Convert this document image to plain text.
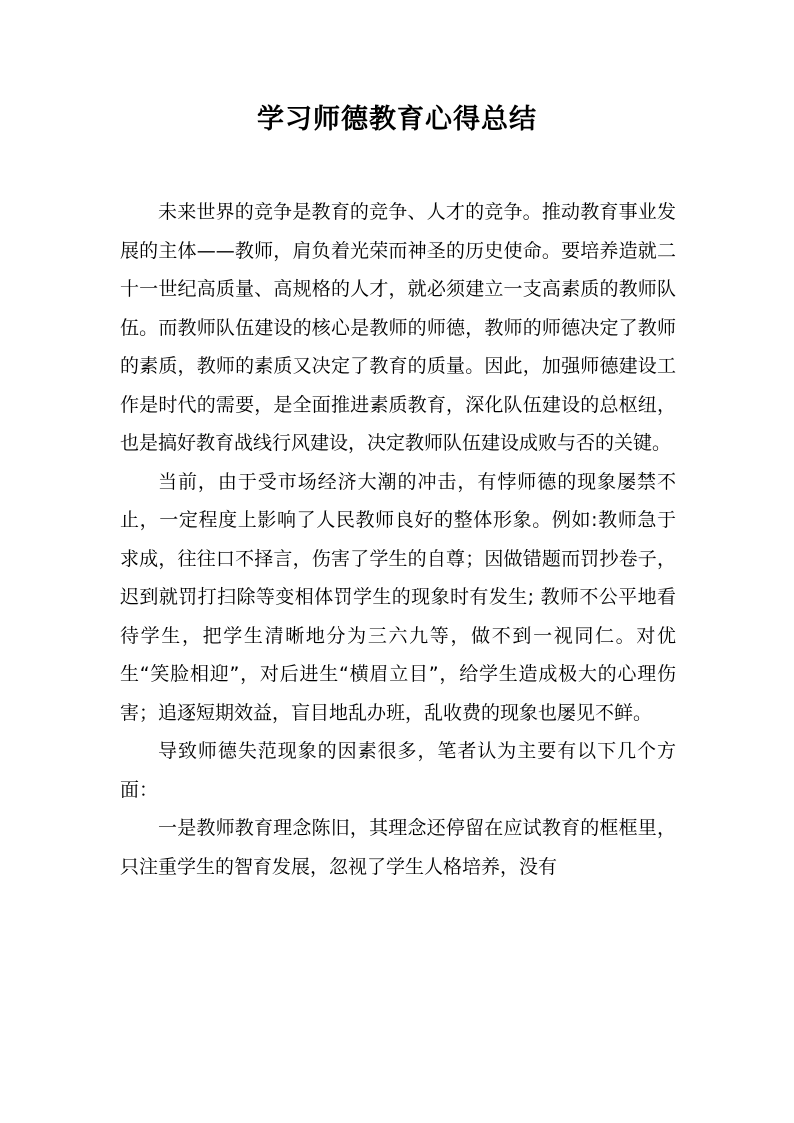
学习师德教育心得总结

未来世界的竞争是教育的竞争、人才的竞争。推动教育事业发展的主体——教师，肩负着光荣而神圣的历史使命。要培养造就二十一世纪高质量、高规格的人才，就必须建立一支高素质的教师队伍。而教师队伍建设的核心是教师的师德，教师的师德决定了教师的素质，教师的素质又决定了教育的质量。因此，加强师德建设工作是时代的需要，是全面推进素质教育，深化队伍建设的总枢纽，也是搞好教育战线行风建设，决定教师队伍建设成败与否的关键。

当前，由于受市场经济大潮的冲击，有悖师德的现象屡禁不止，一定程度上影响了人民教师良好的整体形象。例如:教师急于求成，往往口不择言，伤害了学生的自尊；因做错题而罚抄卷子，迟到就罚打扫除等变相体罚学生的现象时有发生; 教师不公平地看待学生，把学生清晰地分为三六九等，做不到一视同仁。对优生“笑脸相迎”，对后进生“横眉立目”，给学生造成极大的心理伤害；追逐短期效益，盲目地乱办班，乱收费的现象也屡见不鲜。

导致师德失范现象的因素很多，笔者认为主要有以下几个方面：

一是教师教育理念陈旧，其理念还停留在应试教育的框框里，只注重学生的智育发展，忽视了学生人格培养，没有
